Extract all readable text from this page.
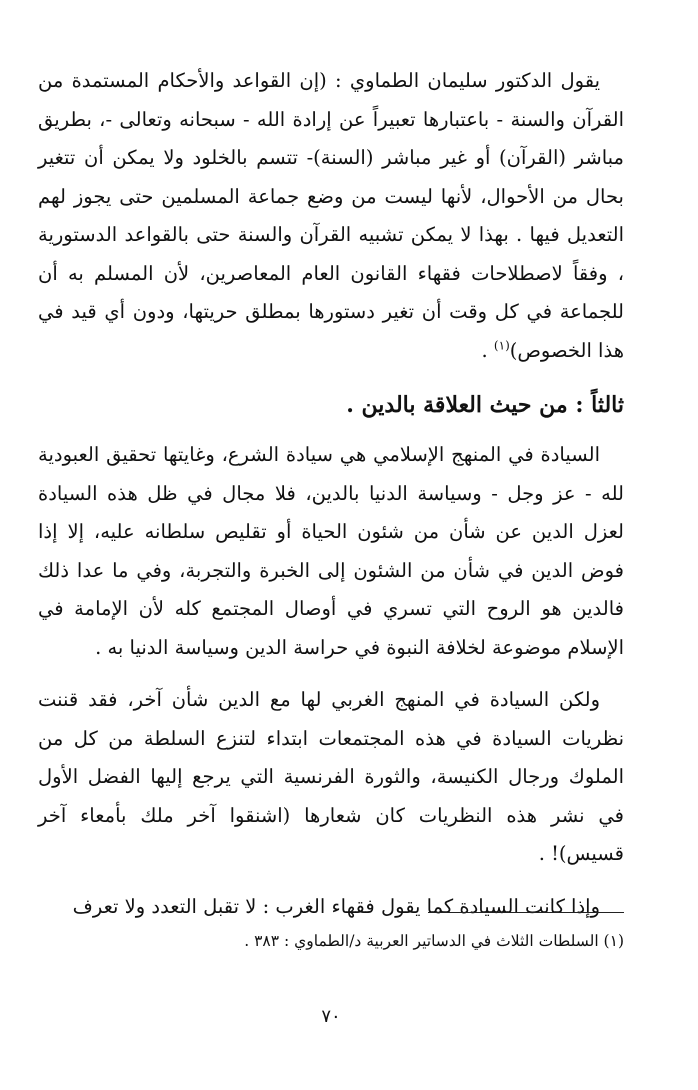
يقول الدكتور سليمان الطماوي : (إن القواعد والأحكام المستمدة من القرآن والسنة - باعتبارها تعبيراً عن إرادة الله - سبحانه وتعالى -، بطريق مباشر (القرآن) أو غير مباشر (السنة)- تتسم بالخلود ولا يمكن أن تتغير بحال من الأحوال، لأنها ليست من وضع جماعة المسلمين حتى يجوز لهم التعديل فيها . بهذا لا يمكن تشبيه القرآن والسنة حتى بالقواعد الدستورية ، وفقاً لاصطلاحات فقهاء القانون العام المعاصرين، لأن المسلم به أن للجماعة في كل وقت أن تغير دستورها بمطلق حريتها، ودون أي قيد في هذا الخصوص)$^{(١)}$ .

ثالثاً : من حيث العلاقة بالدين .

السيادة في المنهج الإسلامي هي سيادة الشرع، وغايتها تحقيق العبودية لله - عز وجل - وسياسة الدنيا بالدين، فلا مجال في ظل هذه السيادة لعزل الدين عن شأن من شئون الحياة أو تقليص سلطانه عليه، إلا إذا فوض الدين في شأن من الشئون إلى الخبرة والتجربة، وفي ما عدا ذلك فالدين هو الروح التي تسري في أوصال المجتمع كله لأن الإمامة في الإسلام موضوعة لخلافة النبوة في حراسة الدين وسياسة الدنيا به .

ولكن السيادة في المنهج الغربي لها مع الدين شأن آخر، فقد قننت نظريات السيادة في هذه المجتمعات ابتداء لتنزع السلطة من كل من الملوك ورجال الكنيسة، والثورة الفرنسية التي يرجع إليها الفضل الأول في نشر هذه النظريات كان شعارها (اشنقوا آخر ملك بأمعاء آخر قسيس)! .

وإذا كانت السيادة كما يقول فقهاء الغرب : لا تقبل التعدد ولا تعرف

(١) السلطات الثلاث في الدساتير العربية د/الطماوي : ٣٨٣ .

٧٠
